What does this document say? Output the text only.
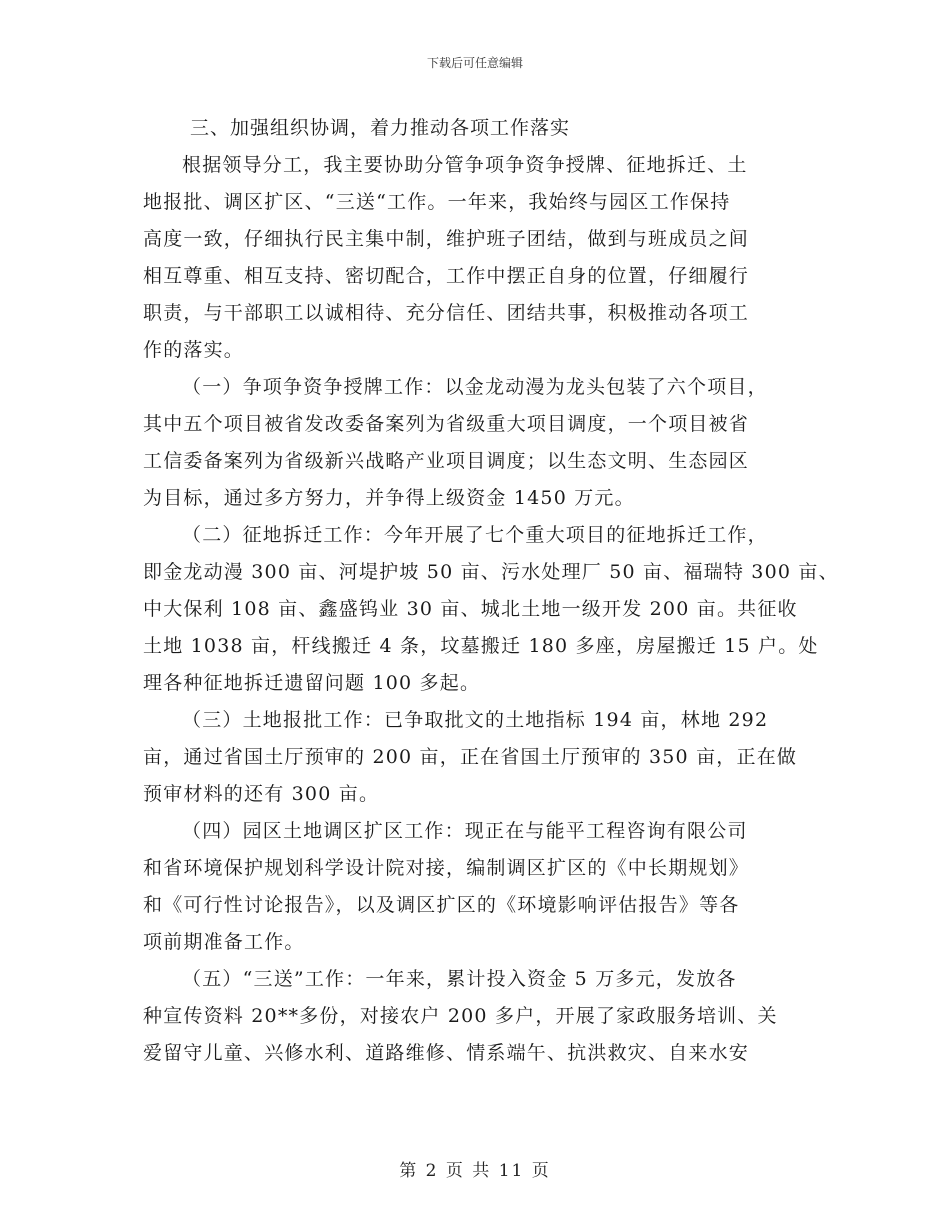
下载后可任意编辑
三、加强组织协调，着力推动各项工作落实
根据领导分工，我主要协助分管争项争资争授牌、征地拆迁、土
地报批、调区扩区、“三送“工作。一年来，我始终与园区工作保持
高度一致，仔细执行民主集中制，维护班子团结，做到与班成员之间
相互尊重、相互支持、密切配合，工作中摆正自身的位置，仔细履行
职责，与干部职工以诚相待、充分信任、团结共事，积极推动各项工
作的落实。
（一）争项争资争授牌工作：以金龙动漫为龙头包装了六个项目，
其中五个项目被省发改委备案列为省级重大项目调度，一个项目被省
工信委备案列为省级新兴战略产业项目调度；以生态文明、生态园区
为目标，通过多方努力，并争得上级资金 1450 万元。
（二）征地拆迁工作：今年开展了七个重大项目的征地拆迁工作，
即金龙动漫 300 亩、河堤护坡 50 亩、污水处理厂 50 亩、福瑞特 300 亩、
中大保利 108 亩、鑫盛钨业 30 亩、城北土地一级开发 200 亩。共征收
土地 1038 亩，杆线搬迁 4 条，坟墓搬迁 180 多座，房屋搬迁 15 户。处
理各种征地拆迁遗留问题 100 多起。
（三）土地报批工作：已争取批文的土地指标 194 亩，林地 292
亩，通过省国土厅预审的 200 亩，正在省国土厅预审的 350 亩，正在做
预审材料的还有 300 亩。
（四）园区土地调区扩区工作：现正在与能平工程咨询有限公司
和省环境保护规划科学设计院对接，编制调区扩区的《中长期规划》
和《可行性讨论报告》，以及调区扩区的《环境影响评估报告》等各
项前期准备工作。
（五）“三送”工作：一年来，累计投入资金 5 万多元，发放各
种宣传资料 20**多份，对接农户 200 多户，开展了家政服务培训、关
爱留守儿童、兴修水利、道路维修、情系端午、抗洪救灾、自来水安
第 2 页 共 11 页
